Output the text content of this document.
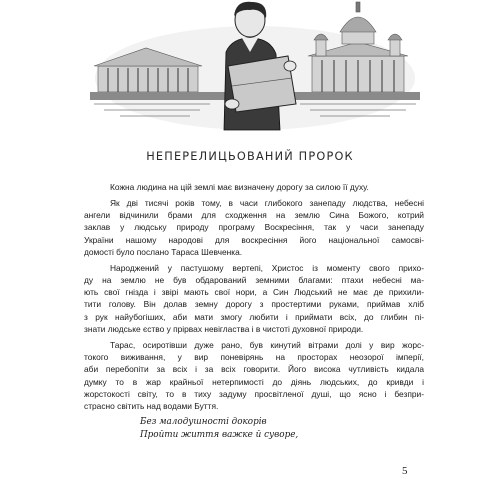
НЕПЕРЕЛИЦЬОВАНИЙ ПРОРОК

Кожна людина на цій землі має визначену дорогу за силою її духу.

Як дві тисячі років тому, в часи глибокого занепаду людства, небесні

ангели відчинили брами для сходження на землю Сина Божого, котрий

заклав у людську природу програму Воскресіння, так у часи занепаду

України нашому народові для воскресіння його національної самосві-

домості було послано Тараса Шевченка.

Народжений у пастушому вертепі, Христос із моменту свого прихо-

ду на землю не був обдарований земними благами: птахи небесні ма-

ють свої гнізда і звірі мають свої нори, а Син Людський не має де прихили-

тити голову. Він долав земну дорогу з простертими руками, приймав хліб

з рук найубогіших, аби мати змогу любити і приймати всіх, до глибин пі-

знати людське єство у прірвах невігластва і в чистоті духовної природи.

Тарас, осиротівши дуже рано, був кинутий вітрами долі у вир жорс-

токого виживання, у вир поневірянь на просторах неозорої імперії,

аби перебопіти за всіх і за всіх говорити. Його висока чутливість кидала

думку то в жар крайньої нетерпимості до діянь людських, до кривди і

жорстокості світу, то в тиху задуму просвітленої душі, що ясно і безпри-

страсно світить над водами Буття.

Без малодушності докорів

Пройти життя важке й суворе,

5
